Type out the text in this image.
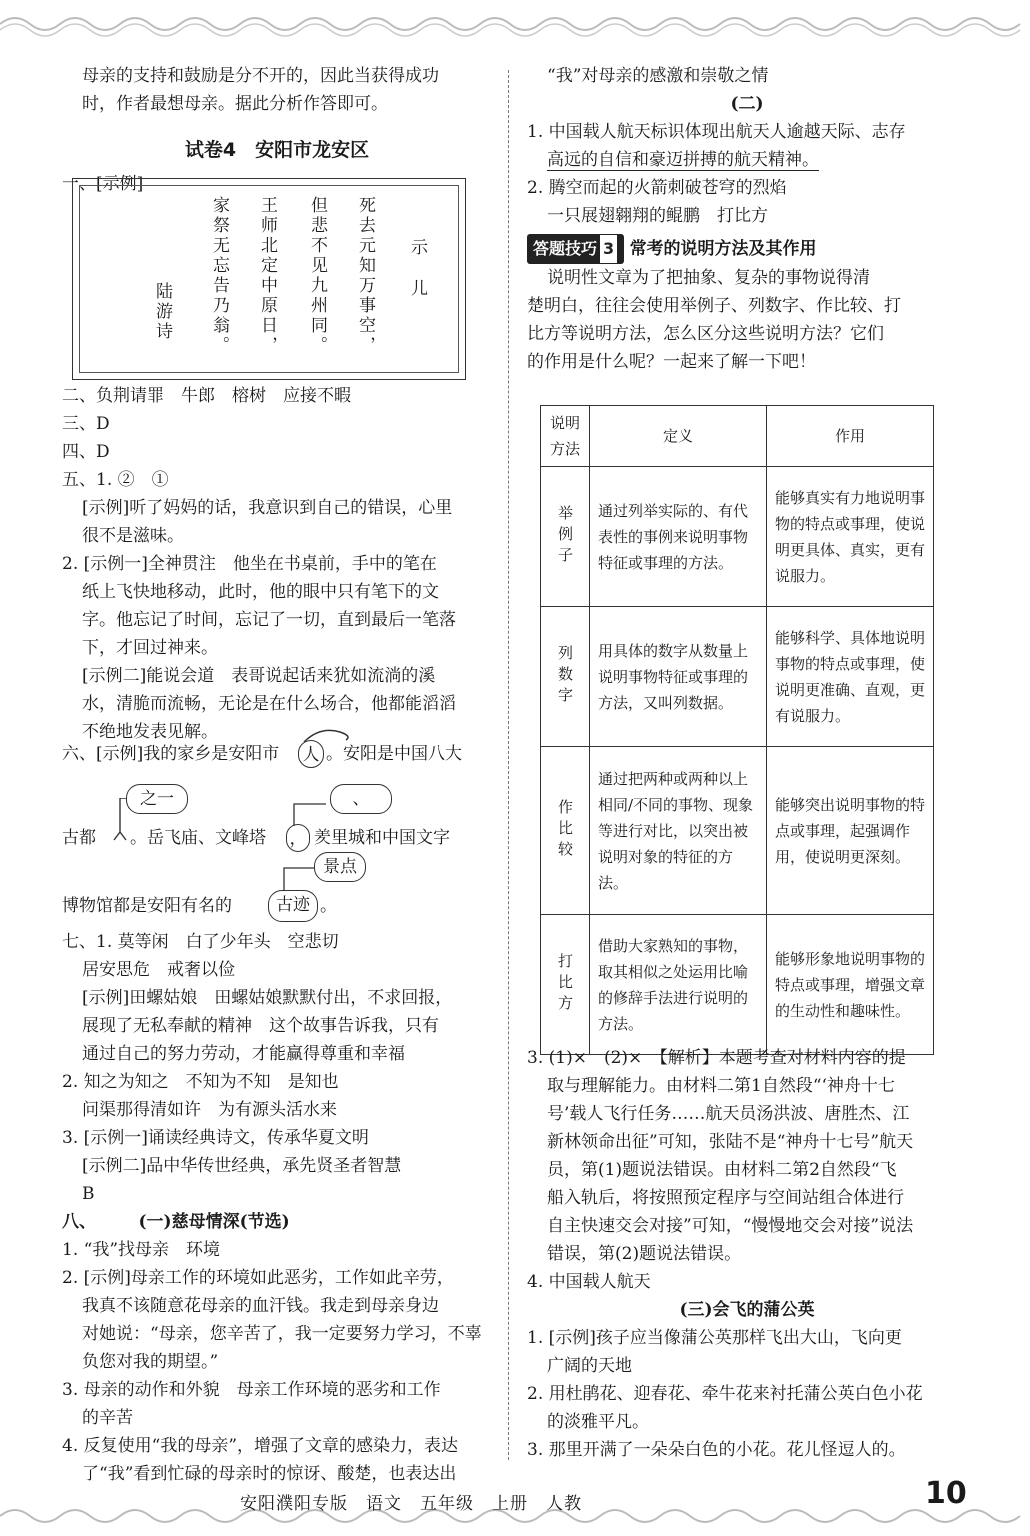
母亲的支持和鼓励是分不开的，因此当获得成功
时，作者最想母亲。据此分析作答即可。
试卷4　安阳市龙安区
一、[示例]
示儿
死去元知万事空，
但悲不见九州同。
王师北定中原日，
家祭无忘告乃翁。
陆游诗
二、负荆请罪　牛郎　榕树　应接不暇
三、D
四、D
五、1. ②　①
[示例]听了妈妈的话，我意识到自己的错误，心里
很不是滋味。
2. [示例一]全神贯注　他坐在书桌前，手中的笔在
纸上飞快地移动，此时，他的眼中只有笔下的文
字。他忘记了时间，忘记了一切，直到最后一笔落
下，才回过神来。
[示例二]能说会道　表哥说起话来犹如流淌的溪
水，清脆而流畅，无论是在什么场合，他都能滔滔
不绝地发表见解。
六、[示例]我的家乡是安阳市 人 。安阳是中国八大
之一	、
古都 。岳飞庙、文峰塔 ， 羑里城和中国文字
景点
博物馆都是安阳有名的	古迹 。
七、1. 莫等闲　白了少年头　空悲切
居安思危　戒奢以俭
[示例]田螺姑娘　田螺姑娘默默付出，不求回报，
展现了无私奉献的精神　这个故事告诉我，只有
通过自己的努力劳动，才能赢得尊重和幸福
2. 知之为知之　不知为不知　是知也
问渠那得清如许　为有源头活水来
3. [示例一]诵读经典诗文，传承华夏文明
[示例二]品中华传世经典，承先贤圣者智慧
B
八、　　　(一)慈母情深(节选)
1. “我”找母亲　环境
2. [示例]母亲工作的环境如此恶劣，工作如此辛劳，
我真不该随意花母亲的血汗钱。我走到母亲身边
对她说：“母亲，您辛苦了，我一定要努力学习，不辜
负您对我的期望。”
3. 母亲的动作和外貌　母亲工作环境的恶劣和工作
的辛苦
4. 反复使用“我的母亲”，增强了文章的感染力，表达
了“我”看到忙碌的母亲时的惊讶、酸楚，也表达出
“我”对母亲的感激和崇敬之情
(二)
1. 中国载人航天标识体现出航天人逾越天际、志存
高远的自信和豪迈拼搏的航天精神。
2. 腾空而起的火箭刺破苍穹的烈焰
一只展翅翱翔的鲲鹏　打比方
答题技巧 3 常考的说明方法及其作用
说明性文章为了把抽象、复杂的事物说得清
楚明白，往往会使用举例子、列数字、作比较、打
比方等说明方法，怎么区分这些说明方法？它们
的作用是什么呢？一起来了解一下吧！
说明方法	定义	作用
举例子	通过列举实际的、有代表性的事例来说明事物特征或事理的方法。	能够真实有力地说明事物的特点或事理，使说明更具体、真实，更有说服力。
列数字	用具体的数字从数量上说明事物特征或事理的方法，又叫列数据。	能够科学、具体地说明事物的特点或事理，使说明更准确、直观，更有说服力。
作比较	通过把两种或两种以上相同/不同的事物、现象等进行对比，以突出被说明对象的特征的方法。	能够突出说明事物的特点或事理，起强调作用，使说明更深刻。
打比方	借助大家熟知的事物，取其相似之处运用比喻的修辞手法进行说明的方法。	能够形象地说明事物的特点或事理，增强文章的生动性和趣味性。
3. (1)×　(2)×　【解析】本题考查对材料内容的提
取与理解能力。由材料二第1自然段“‘神舟十七
号’载人飞行任务……航天员汤洪波、唐胜杰、江
新林领命出征”可知，张陆不是“神舟十七号”航天
员，第(1)题说法错误。由材料二第2自然段“飞
船入轨后，将按照预定程序与空间站组合体进行
自主快速交会对接”可知，“慢慢地交会对接”说法
错误，第(2)题说法错误。
4. 中国载人航天
(三)会飞的蒲公英
1. [示例]孩子应当像蒲公英那样飞出大山，飞向更
广阔的天地
2. 用杜鹃花、迎春花、牵牛花来衬托蒲公英白色小花
的淡雅平凡。
3. 那里开满了一朵朵白色的小花。花儿怪逗人的。
安阳濮阳专版　语文　五年级　上册　人教	10
